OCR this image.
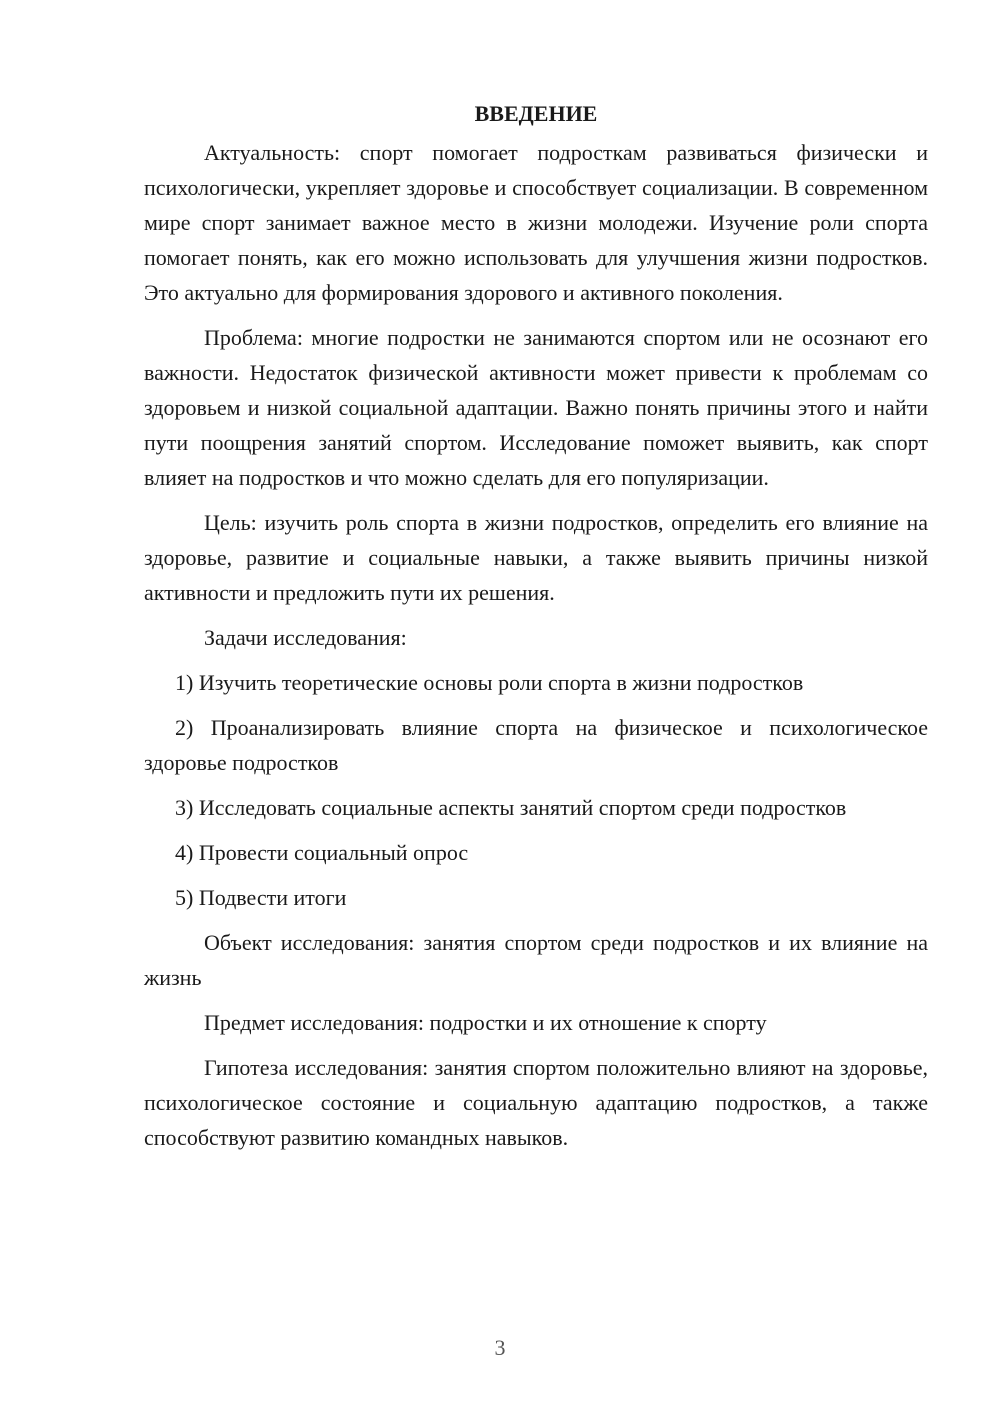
ВВЕДЕНИЕ

Актуальность: спорт помогает подросткам развиваться физически и психологически, укрепляет здоровье и способствует социализации. В современном мире спорт занимает важное место в жизни молодежи. Изучение роли спорта помогает понять, как его можно использовать для улучшения жизни подростков. Это актуально для формирования здорового и активного поколения.

Проблема: многие подростки не занимаются спортом или не осознают его важности. Недостаток физической активности может привести к проблемам со здоровьем и низкой социальной адаптации. Важно понять причины этого и найти пути поощрения занятий спортом. Исследование поможет выявить, как спорт влияет на подростков и что можно сделать для его популяризации.

Цель: изучить роль спорта в жизни подростков, определить его влияние на здоровье, развитие и социальные навыки, а также выявить причины низкой активности и предложить пути их решения.

Задачи исследования:

1) Изучить теоретические основы роли спорта в жизни подростков

2) Проанализировать влияние спорта на физическое и психологическое здоровье подростков

3) Исследовать социальные аспекты занятий спортом среди подростков

4) Провести социальный опрос

5) Подвести итоги

Объект исследования: занятия спортом среди подростков и их влияние на жизнь

Предмет исследования: подростки и их отношение к спорту

Гипотеза исследования: занятия спортом положительно влияют на здоровье, психологическое состояние и социальную адаптацию подростков, а также способствуют развитию командных навыков.

3
